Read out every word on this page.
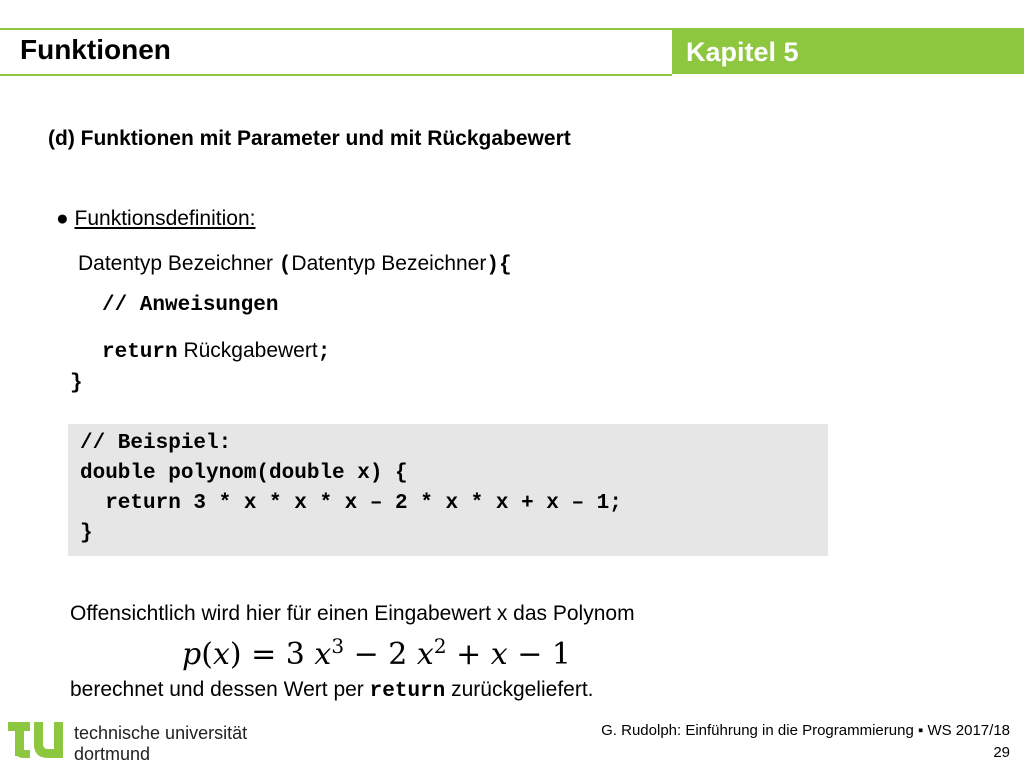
Funktionen	Kapitel 5
(d) Funktionen mit Parameter und mit Rückgabewert
● Funktionsdefinition:
Datentyp Bezeichner (Datentyp Bezeichner){
// Anweisungen
return Rückgabewert;
}
// Beispiel:
double polynom(double x) {
return 3 * x * x * x – 2 * x * x + x – 1;
}
Offensichtlich wird hier für einen Eingabewert x das Polynom
p(x) = 3 $x^3 - 2$ $x^2 + x - 1$
berechnet und dessen Wert per return zurückgeliefert.
technische universität
dortmund
G. Rudolph: Einführung in die Programmierung ▪ WS 2017/18
29
